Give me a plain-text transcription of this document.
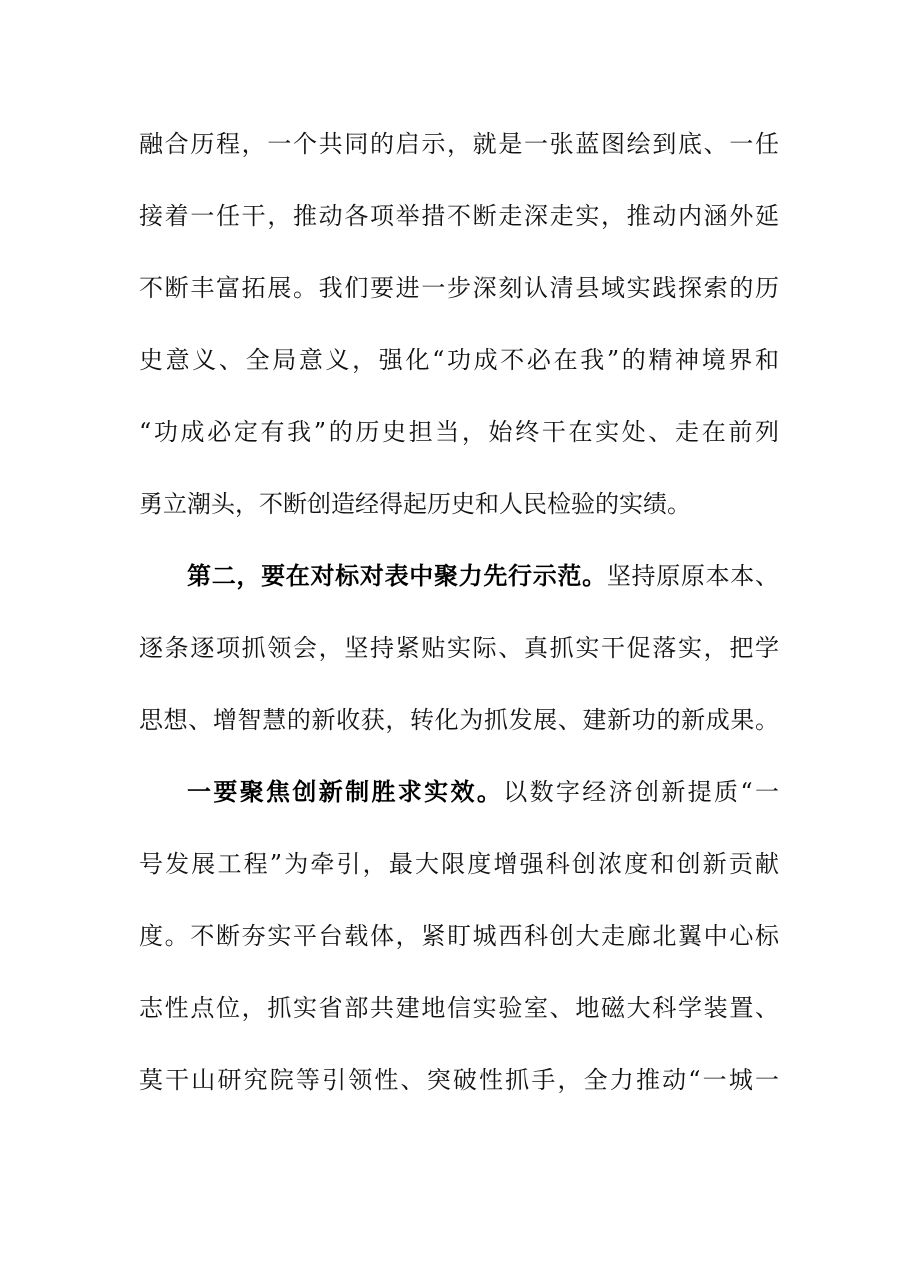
融合历程，一个共同的启示，就是一张蓝图绘到底、一任
接着一任干，推动各项举措不断走深走实，推动内涵外延
不断丰富拓展。我们要进一步深刻认清县域实践探索的历
史意义、全局意义，强化“功成不必在我”的精神境界和
“功成必定有我”的历史担当，始终干在实处、走在前列
勇立潮头，不断创造经得起历史和人民检验的实绩。
第二，要在对标对表中聚力先行示范。坚持原原本本、
逐条逐项抓领会，坚持紧贴实际、真抓实干促落实，把学
思想、增智慧的新收获，转化为抓发展、建新功的新成果。
一要聚焦创新制胜求实效。以数字经济创新提质“一
号发展工程”为牵引，最大限度增强科创浓度和创新贡献
度。不断夯实平台载体，紧盯城西科创大走廊北翼中心标
志性点位，抓实省部共建地信实验室、地磁大科学装置、
莫干山研究院等引领性、突破性抓手，全力推动“一城一
